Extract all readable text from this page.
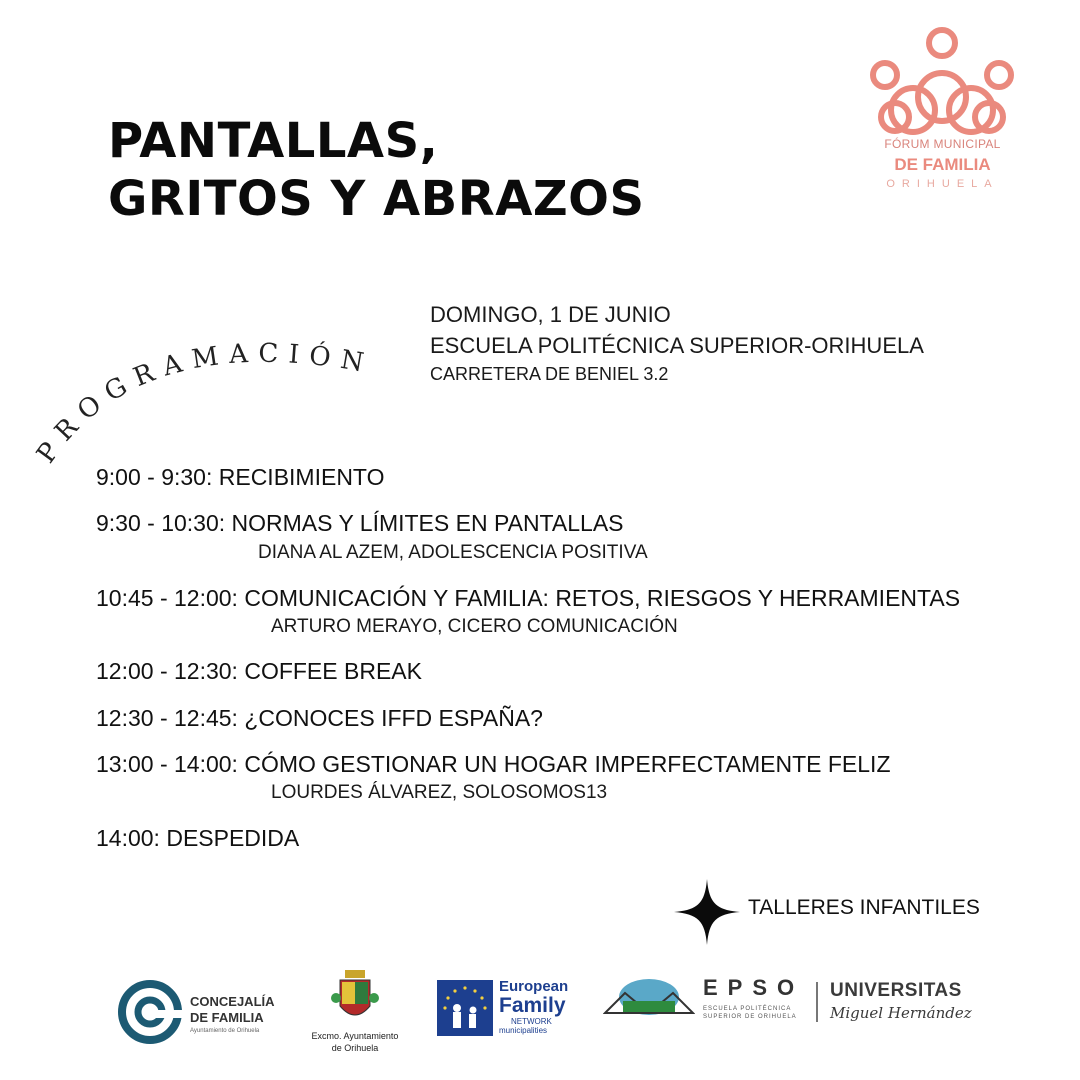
PANTALLAS,
GRITOS Y ABRAZOS
FÓRUM MUNICIPAL
DE FAMILIA
ORIHUELA
PROGRAMACIÓN
DOMINGO, 1 DE JUNIO
ESCUELA POLITÉCNICA SUPERIOR-ORIHUELA
CARRETERA DE BENIEL 3.2
9:00 - 9:30: RECIBIMIENTO
9:30 - 10:30: NORMAS Y LÍMITES EN PANTALLAS
DIANA AL AZEM, ADOLESCENCIA POSITIVA
10:45 - 12:00: COMUNICACIÓN Y FAMILIA: RETOS, RIESGOS Y HERRAMIENTAS
ARTURO MERAYO, CICERO COMUNICACIÓN
12:00 - 12:30: COFFEE BREAK
12:30 - 12:45: ¿CONOCES IFFD ESPAÑA?
13:00 - 14:00: CÓMO GESTIONAR UN HOGAR IMPERFECTAMENTE FELIZ
LOURDES ÁLVAREZ, SOLOSOMOS13
14:00: DESPEDIDA
TALLERES INFANTILES
CONCEJALÍA
DE FAMILIA
Ayuntamiento de Orihuela	Excmo. Ayuntamiento
de Orihuela
European
Family
NETWORK
municipalities
EPSO
ESCUELA POLITÉCNICA
SUPERIOR DE ORIHUELA
UNIVERSITAS
Miguel Hernández
